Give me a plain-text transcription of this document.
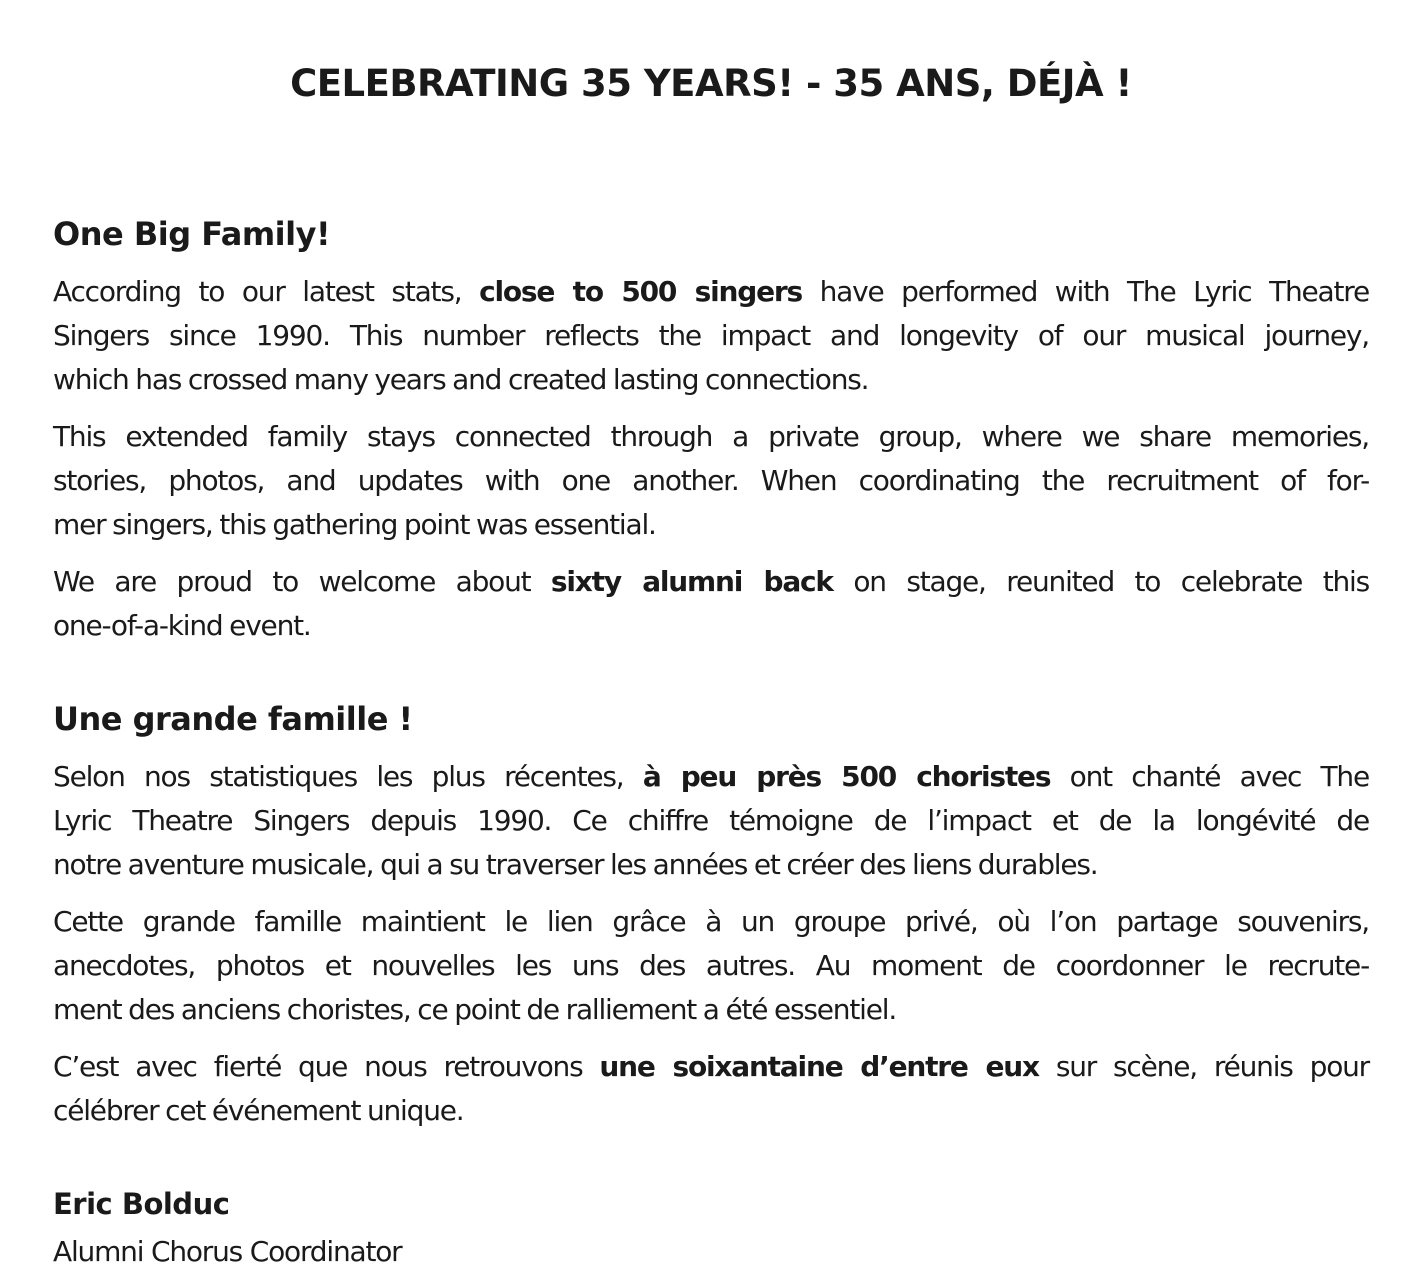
CELEBRATING 35 YEARS! - 35 ANS, DÉJÀ !
One Big Family!

According to our latest stats, close to 500 singers have performed with The Lyric Theatre
Singers since 1990. This number reflects the impact and longevity of our musical journey,
which has crossed many years and created lasting connections.

This extended family stays connected through a private group, where we share memories,
stories, photos, and updates with one another. When coordinating the recruitment of for-
mer singers, this gathering point was essential.

We are proud to welcome about sixty alumni back on stage, reunited to celebrate this
one-of-a-kind event.

Une grande famille !

Selon nos statistiques les plus récentes, à peu près 500 choristes ont chanté avec The
Lyric Theatre Singers depuis 1990. Ce chiffre témoigne de l’impact et de la longévité de
notre aventure musicale, qui a su traverser les années et créer des liens durables.

Cette grande famille maintient le lien grâce à un groupe privé, où l’on partage souvenirs,
anecdotes, photos et nouvelles les uns des autres. Au moment de coordonner le recrute-
ment des anciens choristes, ce point de ralliement a été essentiel.

C’est avec fierté que nous retrouvons une soixantaine d’entre eux sur scène, réunis pour
célébrer cet événement unique.

Eric Bolduc

Alumni Chorus Coordinator
